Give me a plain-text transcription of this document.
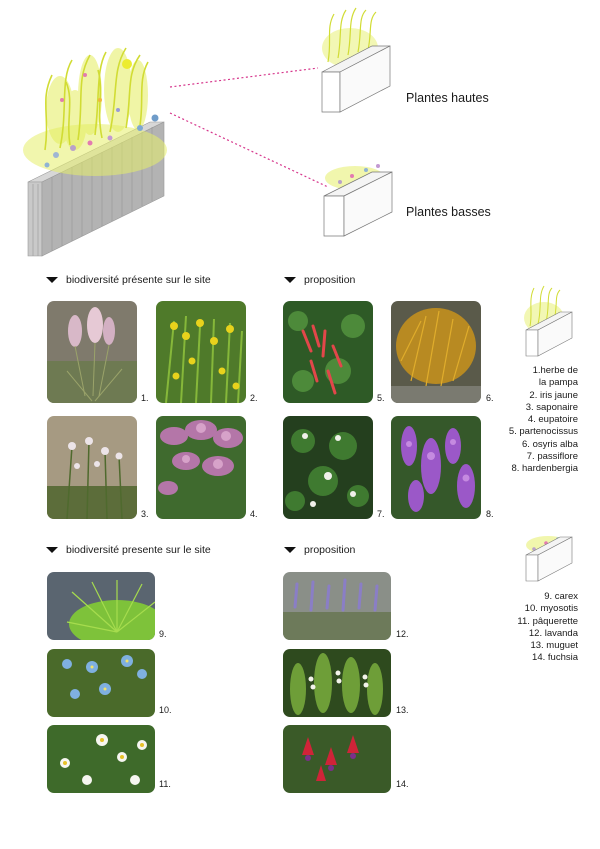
Plantes hautes
Plantes basses
biodiversité présente sur le site	proposition
1.	2.	5.	6.
3.	4.	7.	8.
biodiversité presente sur le site	proposition
9.
10.
11.
12.
13.
14.
1.herbe de
la pampa
2. iris jaune
3. saponaire
4. eupatoire
5. partenocissus
6. osyris alba
7. passiflore
8. hardenbergia
9. carex
10. myosotis
11. pâquerette
12. lavanda
13. muguet
14. fuchsia
